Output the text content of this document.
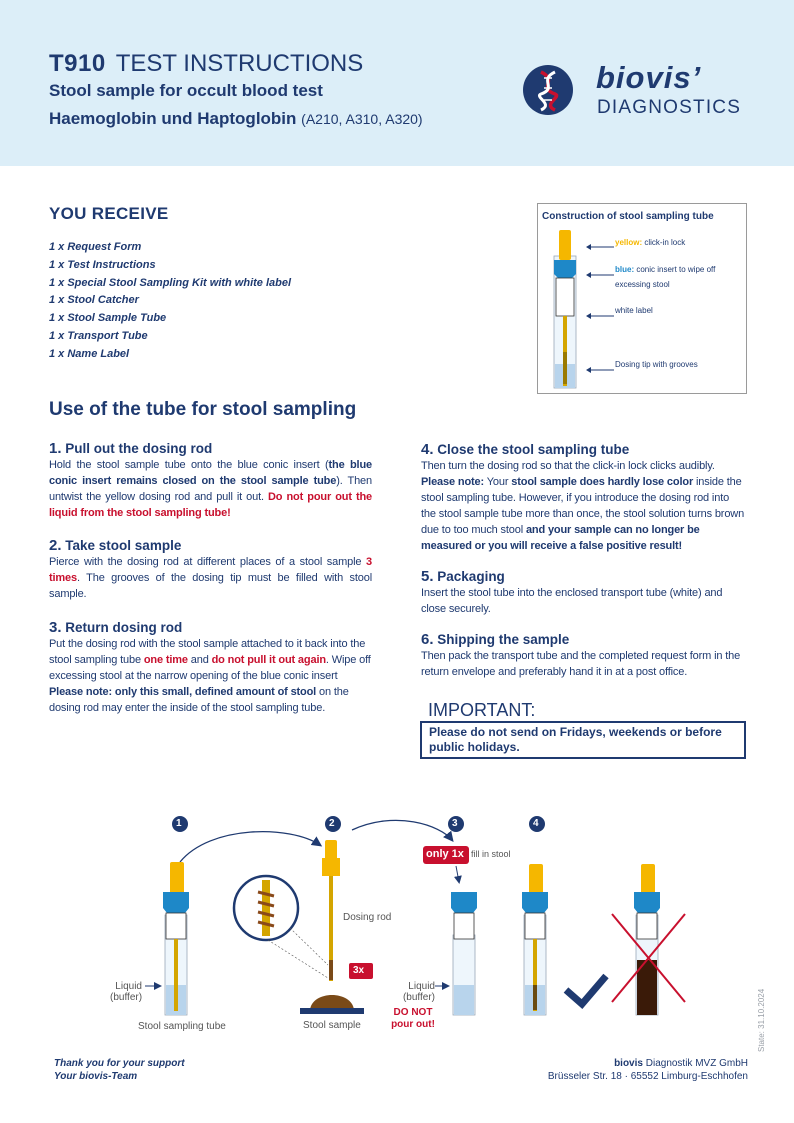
T910 TEST INSTRUCTIONS
Stool sample for occult blood test
Haemoglobin und Haptoglobin (A210, A310, A320)
biovis’
DIAGNOSTICS
YOU RECEIVE
1 x Request Form
1 x Test Instructions
1 x Special Stool Sampling Kit with white label
1 x Stool Catcher
1 x Stool Sample Tube
1 x Transport Tube
1 x Name Label
Construction of stool sampling tube
yellow: click-in lock
blue: conic insert to wipe off
excessing stool
white label
Dosing tip with grooves
Use of the tube for stool sampling
1. Pull out the dosing rod
Hold the stool sample tube onto the blue conic insert (the blue conic insert remains closed on the stool sample tube). Then untwist the yellow dosing rod and pull it out. Do not pour out the liquid from the stool sampling tube!
2. Take stool sample
Pierce with the dosing rod at different places of a stool sample 3 times. The grooves of the dosing tip must be filled with stool sample.
3. Return dosing rod
Put the dosing rod with the stool sample attached to it back into the stool sampling tube one time and do not pull it out again. Wipe off excessing stool at the narrow opening of the blue conic insert Please note: only this small, defined amount of stool on the dosing rod may enter the inside of the stool sampling tube.
4. Close the stool sampling tube
Then turn the dosing rod so that the click-in lock clicks audibly. Please note: Your stool sample does hardly lose color inside the stool sampling tube. However, if you introduce the dosing rod into the stool sample tube more than once, the stool solution turns brown due to too much stool and your sample can no longer be measured or you will receive a false positive result!
5. Packaging
Insert the stool tube into the enclosed transport tube (white) and close securely.
6. Shipping the sample
Then pack the transport tube and the completed request form in the return envelope and preferably hand it in at a post office.
IMPORTANT:
Please do not send on Fridays, weekends or before public holidays.
1	2	3	4
Liquid
(buffer)
Stool sampling tube
Dosing rod
3x
Stool sample
only 1x fill in stool
Liquid
(buffer)
DO NOT
pour out!	State: 31.10.2024
Thank you for your support
Your biovis-Team
biovis Diagnostik MVZ GmbH
Brüsseler Str. 18 · 65552 Limburg-Eschhofen
